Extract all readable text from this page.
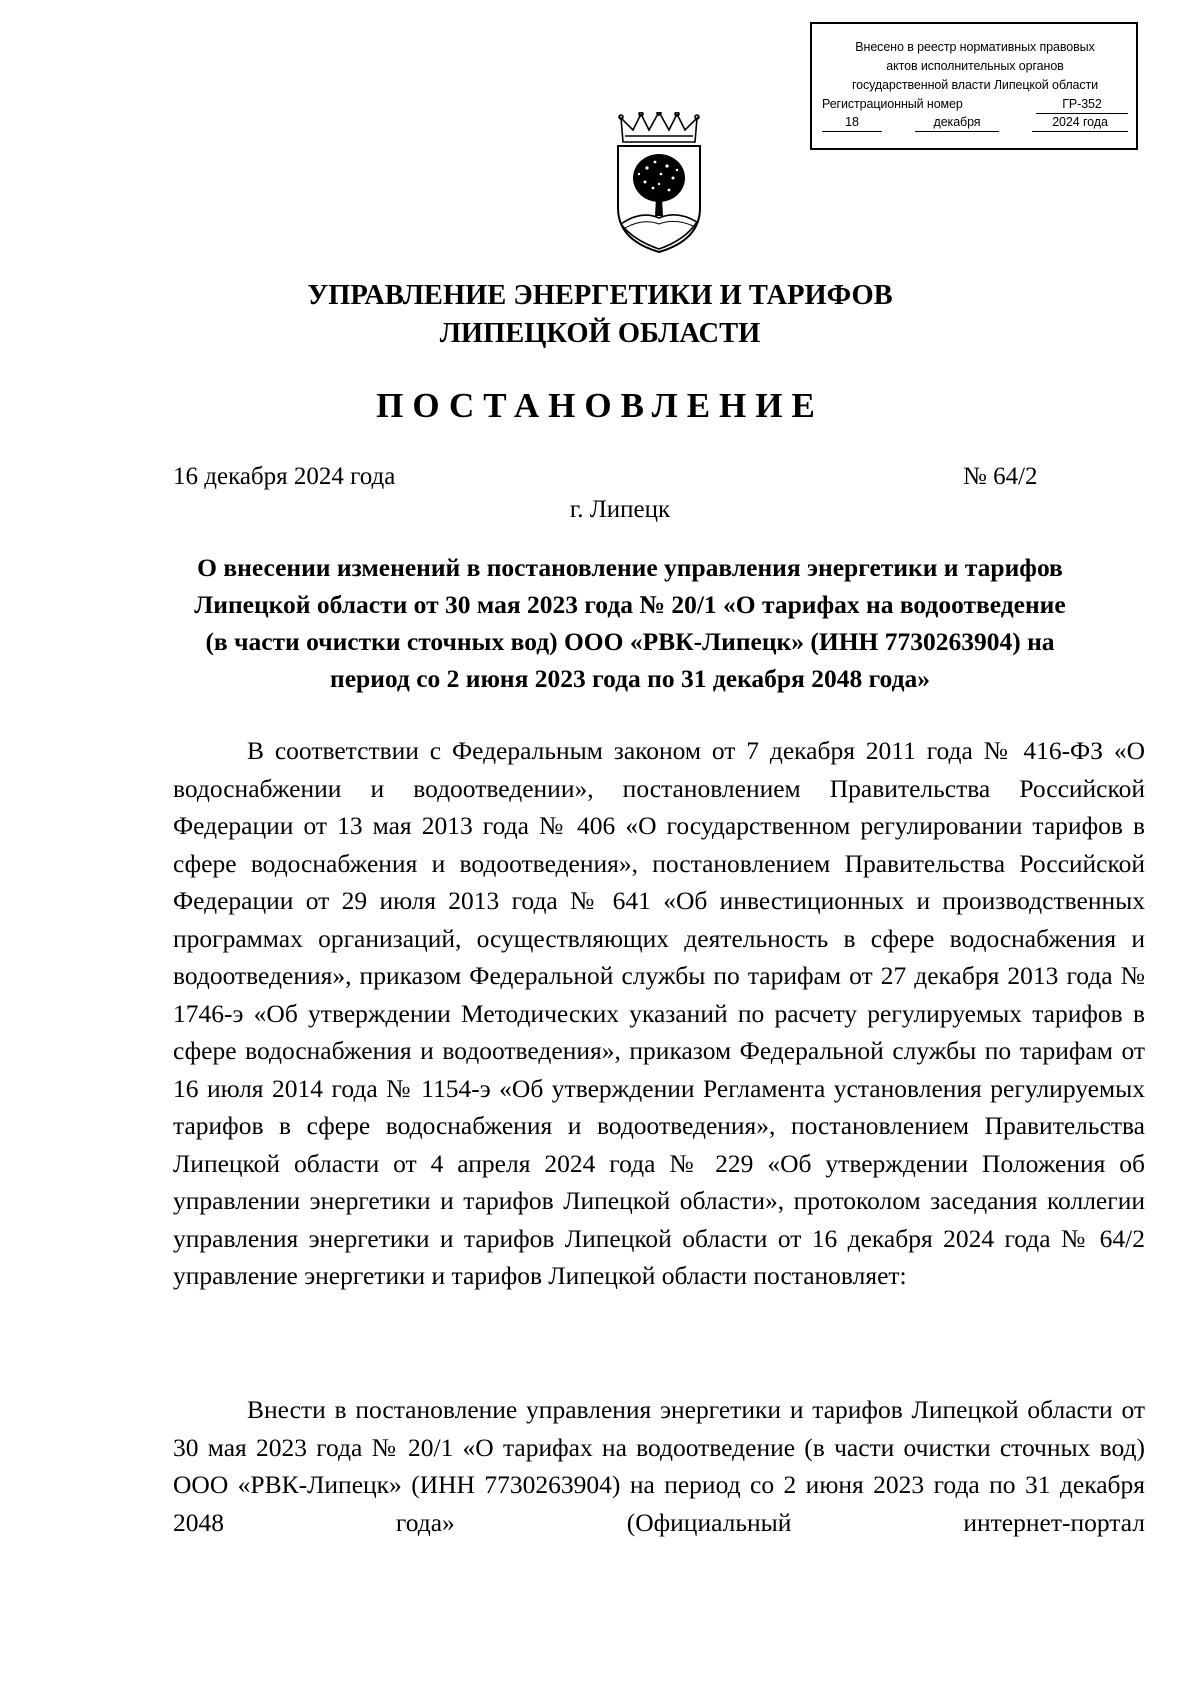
Внесено в реестр нормативных правовых
актов исполнительных органов
государственной власти Липецкой области
Регистрационный номер	ГР-352
18	декабря	2024 года
УПРАВЛЕНИЕ ЭНЕРГЕТИКИ И ТАРИФОВ
ЛИПЕЦКОЙ ОБЛАСТИ
ПОСТАНОВЛЕНИЕ
16 декабря 2024 года	№ 64/2
г. Липецк
О внесении изменений в постановление управления энергетики и тарифов Липецкой области от 30 мая 2023 года № 20/1 «О тарифах на водоотведение (в части очистки сточных вод) ООО «РВК-Липецк» (ИНН 7730263904) на период со 2 июня 2023 года по 31 декабря 2048 года»
В соответствии с Федеральным законом от 7 декабря 2011 года № 416-ФЗ «О водоснабжении и водоотведении», постановлением Правительства Российской Федерации от 13 мая 2013 года № 406 «О государственном регулировании тарифов в сфере водоснабжения и водоотведения», постановлением Правительства Российской Федерации от 29 июля 2013 года № 641 «Об инвестиционных и производственных программах организаций, осуществляющих деятельность в сфере водоснабжения и водоотведения», приказом Федеральной службы по тарифам от 27 декабря 2013 года № 1746-э «Об утверждении Методических указаний по расчету регулируемых тарифов в сфере водоснабжения и водоотведения», приказом Федеральной службы по тарифам от 16 июля 2014 года № 1154-э «Об утверждении Регламента установления регулируемых тарифов в сфере водоснабжения и водоотведения», постановлением Правительства Липецкой области от 4 апреля 2024 года № 229 «Об утверждении Положения об управлении энергетики и тарифов Липецкой области», протоколом заседания коллегии управления энергетики и тарифов Липецкой области от 16 декабря 2024 года № 64/2 управление энергетики и тарифов Липецкой области постановляет:
Внести в постановление управления энергетики и тарифов Липецкой области от 30 мая 2023 года № 20/1 «О тарифах на водоотведение (в части очистки сточных вод) ООО «РВК-Липецк» (ИНН 7730263904) на период со 2 июня 2023 года по 31 декабря 2048 года» (Официальный интернет-портал
